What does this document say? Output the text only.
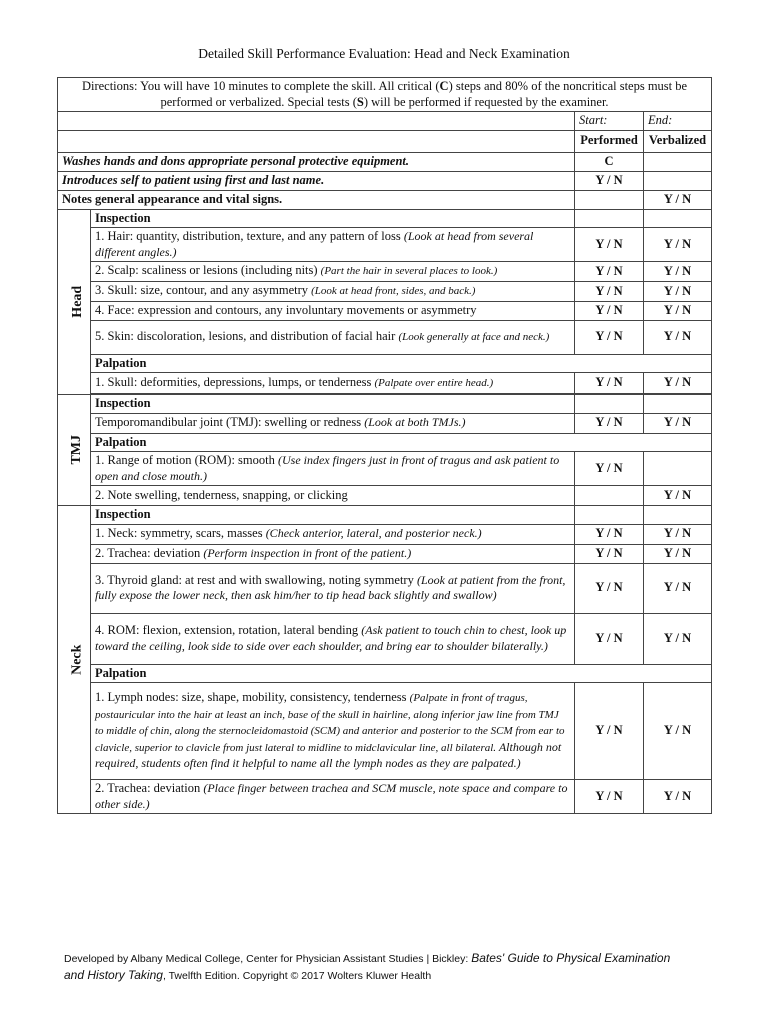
Detailed Skill Performance Evaluation: Head and Neck Examination
Directions: You will have 10 minutes to complete the skill. All critical (C) steps and 80% of the noncritical steps must be performed or verbalized. Special tests (S) will be performed if requested by the examiner.			
		Start:	End:
		Performed	Verbalized
Washes hands and dons appropriate personal protective equipment.		C	
Introduces self to patient using first and last name.		Y / N	
Notes general appearance and vital signs.			Y / N
Head	Inspection		
	1. Hair: quantity, distribution, texture, and any pattern of loss (Look at head from several different angles.)	Y / N	Y / N
	2. Scalp: scaliness or lesions (including nits) (Part the hair in several places to look.)	Y / N	Y / N
	3. Skull: size, contour, and any asymmetry (Look at head front, sides, and back.)	Y / N	Y / N
	4. Face: expression and contours, any involuntary movements or asymmetry	Y / N	Y / N
	5. Skin: discoloration, lesions, and distribution of facial hair (Look generally at face and neck.)	Y / N	Y / N
	Palpation		
	1. Skull: deformities, depressions, lumps, or tenderness (Palpate over entire head.)	Y / N	Y / N

TMJ	Inspection		
	Temporomandibular joint (TMJ): swelling or redness (Look at both TMJs.)	Y / N	Y / N
	Palpation		
	1. Range of motion (ROM): smooth (Use index fingers just in front of tragus and ask patient to open and close mouth.)	Y / N	
	2. Note swelling, tenderness, snapping, or clicking		Y / N
Neck	Inspection		
	1. Neck: symmetry, scars, masses (Check anterior, lateral, and posterior neck.)	Y / N	Y / N
	2. Trachea: deviation (Perform inspection in front of the patient.)	Y / N	Y / N
	3. Thyroid gland: at rest and with swallowing, noting symmetry (Look at patient from the front, fully expose the lower neck, then ask him/her to tip head back slightly and swallow)	Y / N	Y / N
	4. ROM: flexion, extension, rotation, lateral bending (Ask patient to touch chin to chest, look up toward the ceiling, look side to side over each shoulder, and bring ear to shoulder bilaterally.)	Y / N	Y / N
	Palpation		
	1. Lymph nodes: size, shape, mobility, consistency, tenderness (Palpate in front of tragus, postauricular into the hair at least an inch, base of the skull in hairline, along inferior jaw line from TMJ to middle of chin, along the sternocleidomastoid (SCM) and anterior and posterior to the SCM from ear to clavicle, superior to clavicle from just lateral to midline to midclavicular line, all bilateral. Although not required, students often find it helpful to name all the lymph nodes as they are palpated.)	Y / N	Y / N
	2. Trachea: deviation (Place finger between trachea and SCM muscle, note space and compare to other side.)	Y / N	Y / N
Developed by Albany Medical College, Center for Physician Assistant Studies | Bickley: Bates' Guide to Physical Examination
and History Taking, Twelfth Edition. Copyright © 2017 Wolters Kluwer Health
